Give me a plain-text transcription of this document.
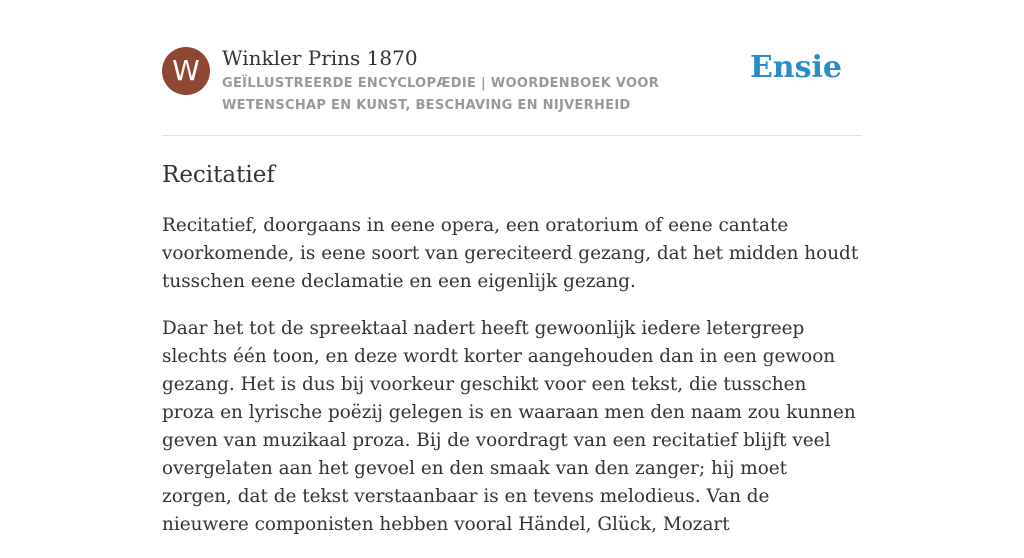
W	Winkler Prins 1870
GEÏLLUSTREERDE ENCYCLOPÆDIE | WOORDENBOEK VOOR WETENSCHAP EN KUNST, BESCHAVING EN NIJVERHEID
Ensie
Recitatief

Recitatief, doorgaans in eene opera, een oratorium of eene cantate voorkomende, is eene soort van gereciteerd gezang, dat het midden houdt tusschen eene declamatie en een eigenlijk gezang.

Daar het tot de spreektaal nadert heeft gewoonlijk iedere letergreep slechts één toon, en deze wordt korter aangehouden dan in een gewoon gezang. Het is dus bij voorkeur geschikt voor een tekst, die tusschen proza en lyrische poëzij gelegen is en waaraan men den naam zou kunnen geven van muzikaal proza. Bij de voordragt van een recitatief blijft veel overgelaten aan het gevoel en den smaak van den zanger; hij moet zorgen, dat de tekst verstaanbaar is en tevens melodieus. Van de nieuwere componisten hebben vooral Händel, Glück, Mozart
